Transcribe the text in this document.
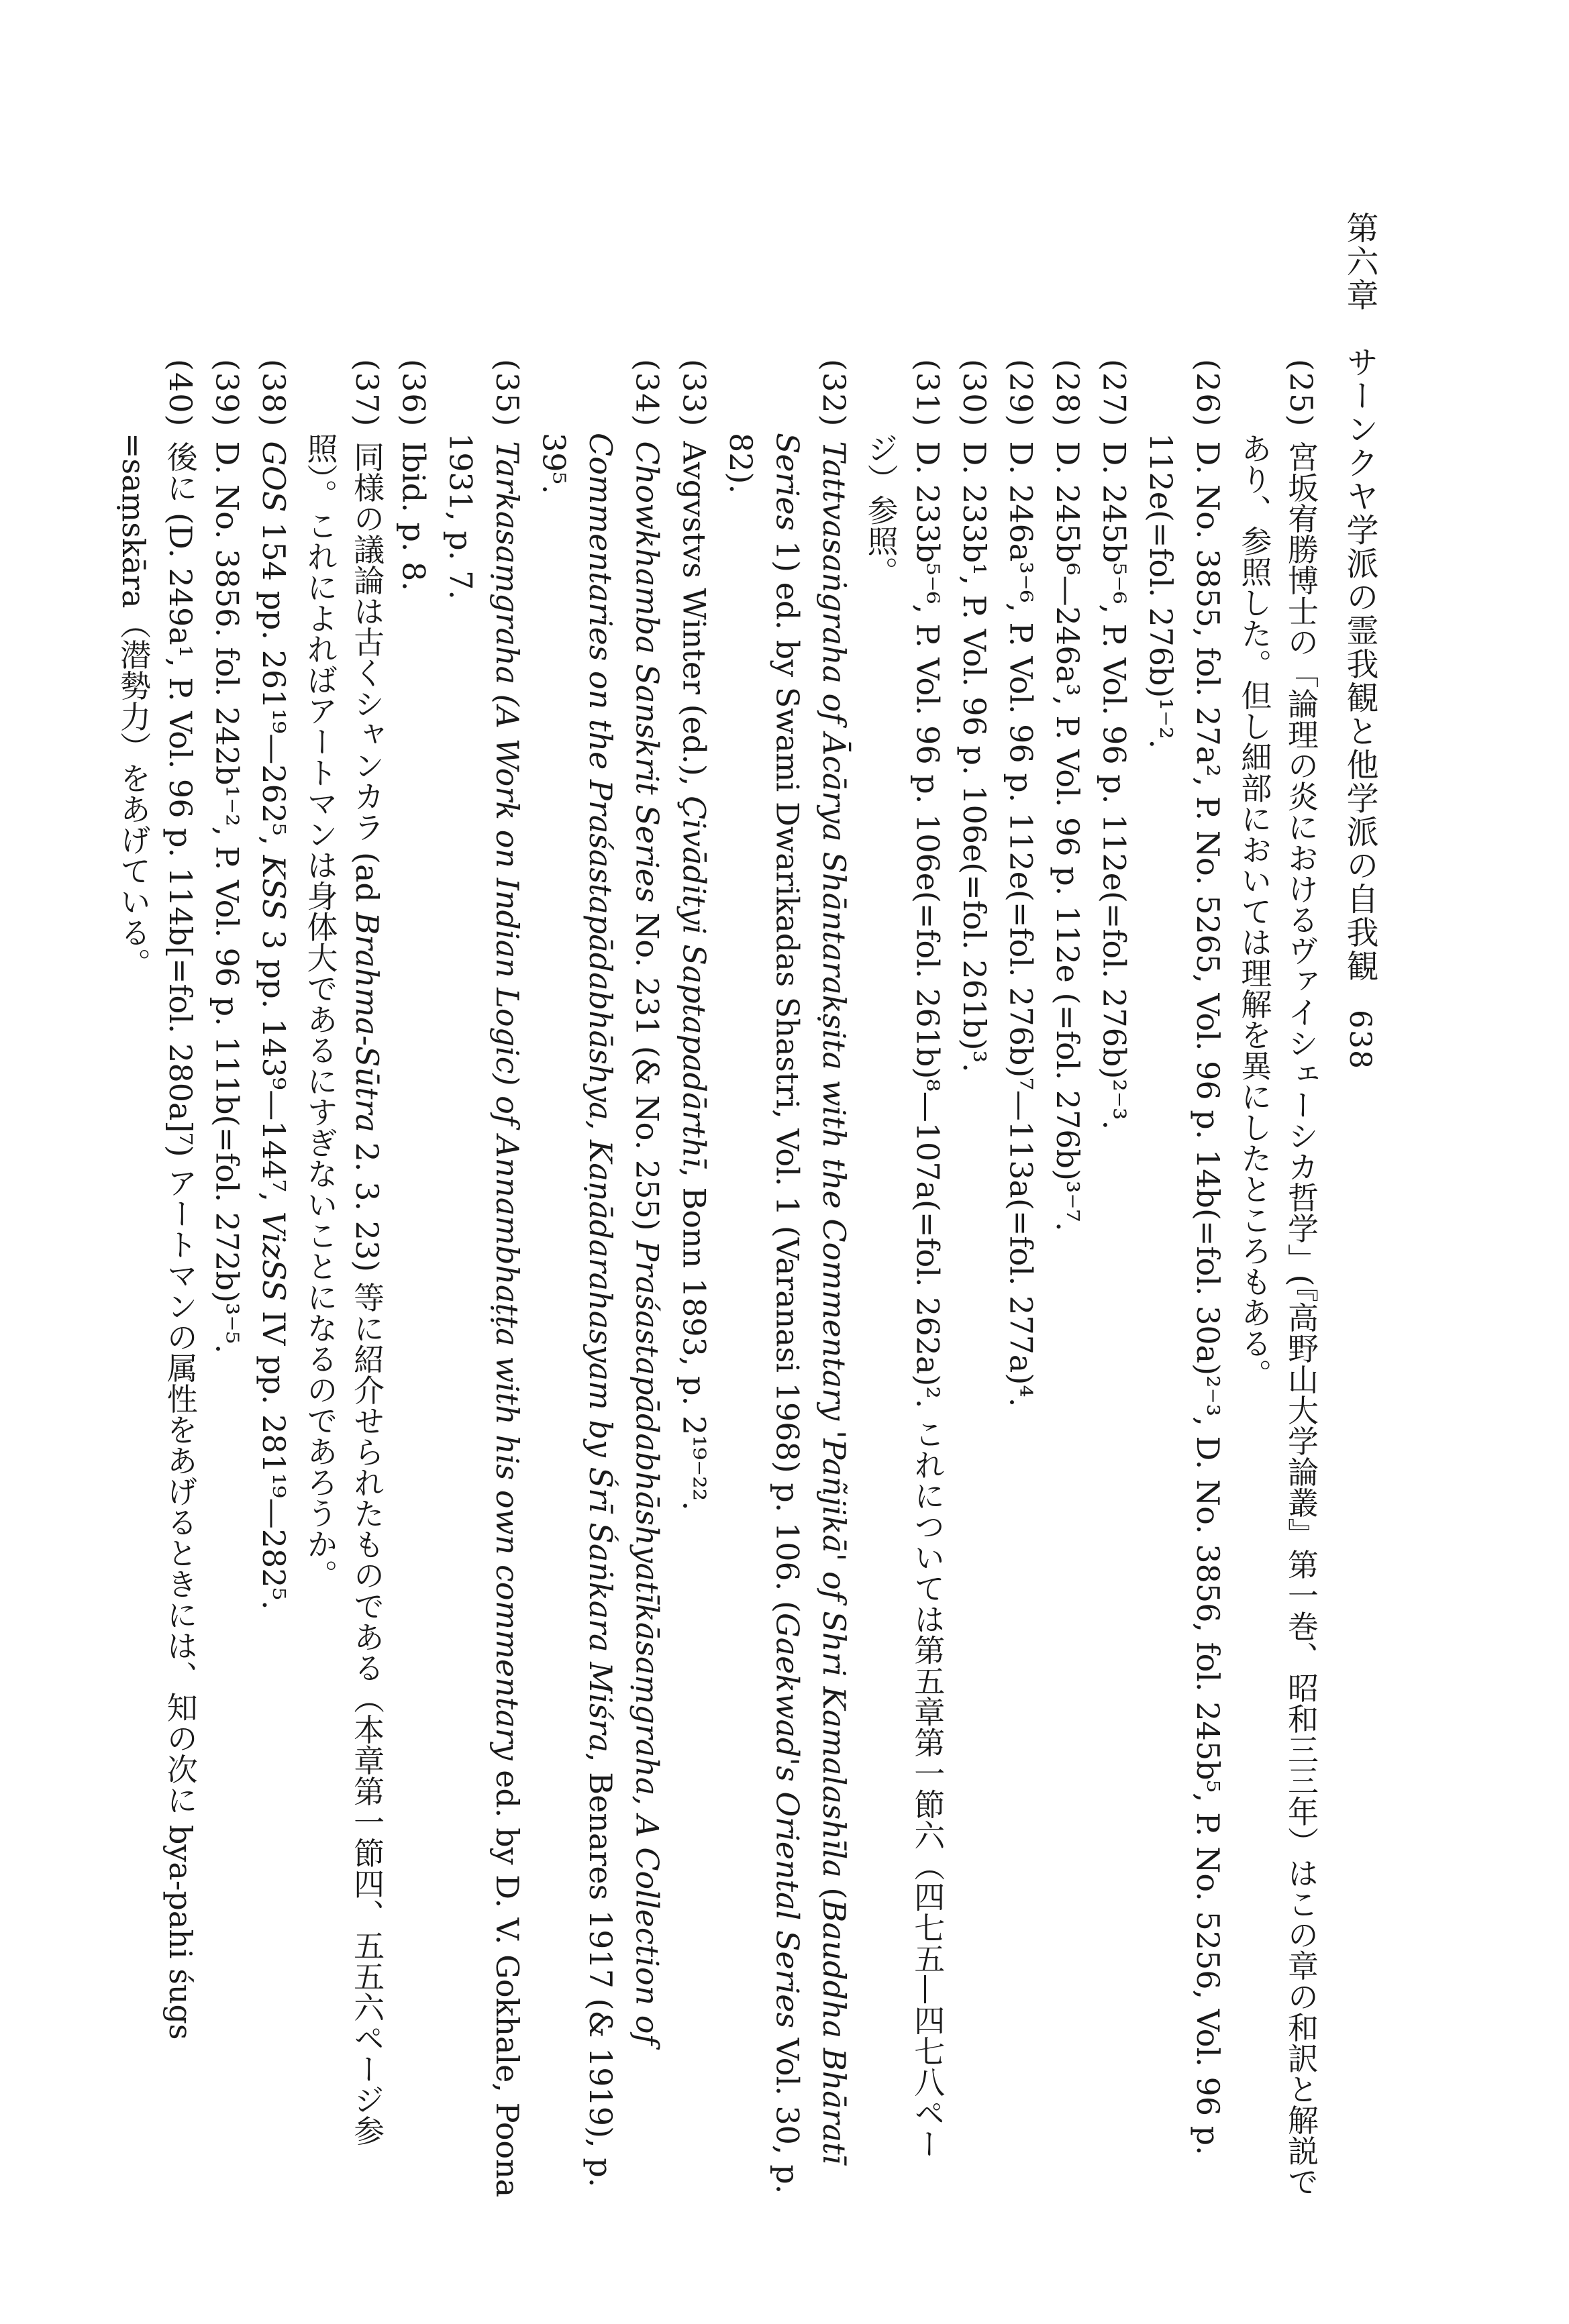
第六章　サーンクヤ学派の霊我観と他学派の自我観638

(25)宮坂宥勝博士の「論理の炎におけるヴァイシェーシカ哲学」(『高野山大学論叢』第一巻、昭和三三年）はこの章の和訳と解説であり、参照した。但し細部においては理解を異にしたところもある。

(26)D. No. 3855, fol. 27a², P. No. 5265, Vol. 96 p. 14b(=fol. 30a)²⁻³, D. No. 3856, fol. 245b⁵, P. No. 5256, Vol. 96 p. 112e(=fol. 276b)¹⁻².

(27)D. 245b⁵⁻⁶, P. Vol. 96 p. 112e(=fol. 276b)²⁻³.

(28)D. 245b⁶—246a³, P. Vol. 96 p. 112e (=fol. 276b)³⁻⁷.

(29)D. 246a³⁻⁶, P. Vol. 96 p. 112e(=fol. 276b)⁷—113a(=fol. 277a)⁴.

(30)D. 233b¹, P. Vol. 96 p. 106e(=fol. 261b)³.

(31)D. 233b⁵⁻⁶, P. Vol. 96 p. 106e(=fol. 261b)⁸—107a(=fol. 262a)². これについては第五章第一節六（四七五—四七八ページ）参照。

(32)Tattvasaṅgraha of Ācārya Shāntarakṣita with the Commentary 'Pañjikā' of Shri Kamalashīla (Bauddha Bhāratī Series 1) ed. by Swami Dwarikadas Shastri, Vol. 1 (Varanasi 1968) p. 106. (Gaekwad's Oriental Series Vol. 30, p. 82).

(33)Avgvstvs Winter (ed.), Çivādityi Saptapadārthī, Bonn 1893, p. 2¹⁹⁻²².

(34)Chowkhamba Sanskrit Series No. 231 (& No. 255) Praśastapādabhāshyatīkāsaṃgraha, A Collection of Commentaries on the Praśastapādabhāshya, Kaṇādarahasyam by Śrī Śaṅkara Miśra, Benares 1917 (& 1919), p. 39⁵.

(35)Tarkasaṃgraha (A Work on Indian Logic) of Annambhaṭṭa with his own commentary ed. by D. V. Gokhale, Poona 1931, p. 7.

(36)Ibid. p. 8.

(37)同様の議論は古くシャンカラ (ad Brahma-Sūtra 2. 3. 23) 等に紹介せられたものである（本章第一節四、五五六ページ参照）。これによればアートマンは身体大であるにすぎないことになるのであろうか。

(38)GOS 154 pp. 261¹⁹—262⁵, KSS 3 pp. 143⁹—144⁷, VizSS IV pp. 281¹⁹—282⁵.

(39)D. No. 3856. fol. 242b¹⁻², P. Vol. 96 p. 111b(=fol. 272b)³⁻⁵.

(40)後に (D. 249a¹, P. Vol. 96 p. 114b[=fol. 280a]⁷) アートマンの属性をあげるときには、知の次に bya-pahi śugs =saṃskāra（潜勢力）をあげている。
